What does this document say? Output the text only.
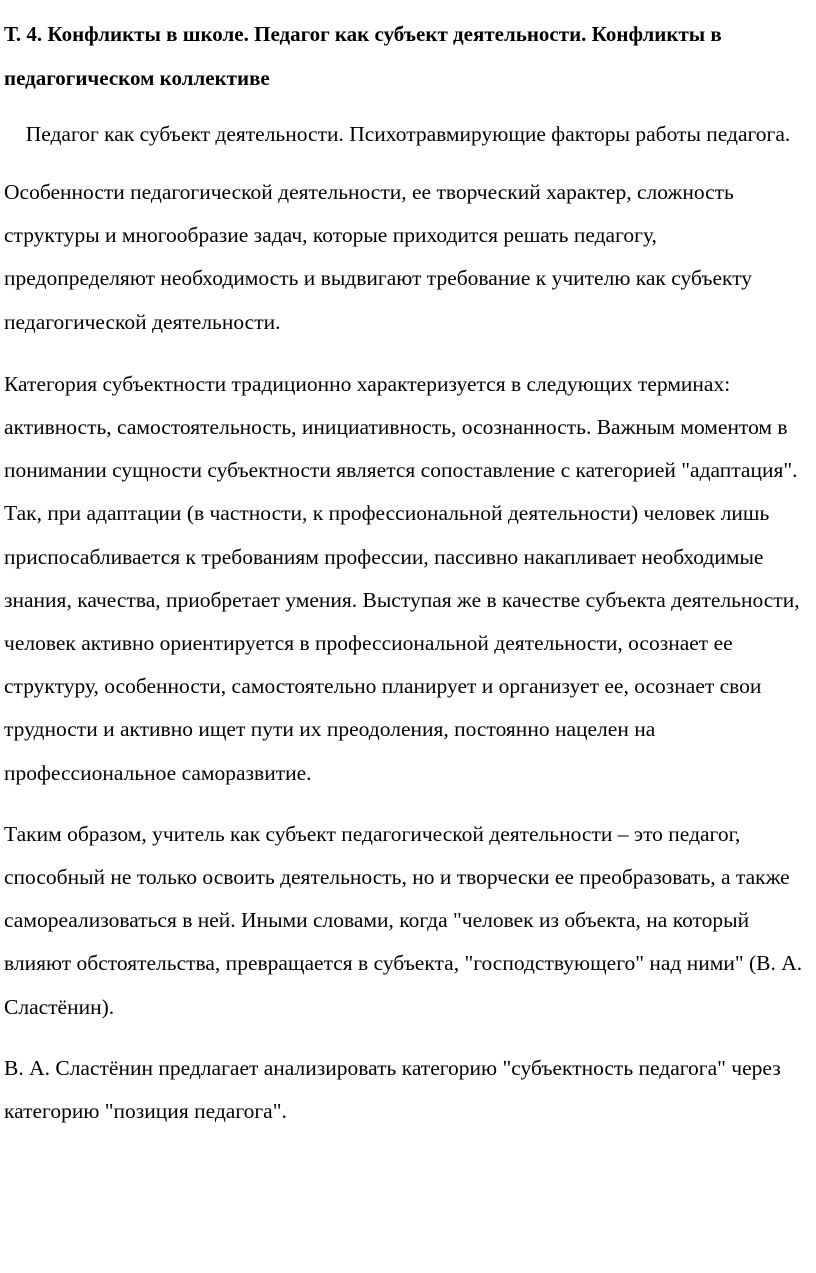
Т. 4. Конфликты в школе. Педагог как субъект деятельности. Конфликты в педагогическом коллективе

Педагог как субъект деятельности. Психотравмирующие факторы работы педагога.

Особенности педагогической деятельности, ее творческий характер, сложность структуры и многообразие задач, которые приходится решать педагогу, предопределяют необходимость и выдвигают требование к учителю как субъекту педагогической деятельности.

Категория субъектности традиционно характеризуется в следующих терминах: активность, самостоятельность, инициативность, осознанность. Важным моментом в понимании сущности субъектности является сопоставление с категорией "адаптация". Так, при адаптации (в частности, к профессиональной деятельности) человек лишь приспосабливается к требованиям профессии, пассивно накапливает необходимые знания, качества, приобретает умения. Выступая же в качестве субъекта деятельности, человек активно ориентируется в профессиональной деятельности, осознает ее структуру, особенности, самостоятельно планирует и организует ее, осознает свои трудности и активно ищет пути их преодоления, постоянно нацелен на профессиональное саморазвитие.

Таким образом, учитель как субъект педагогической деятельности – это педагог, способный не только освоить деятельность, но и творчески ее преобразовать, а также самореализоваться в ней. Иными словами, когда "человек из объекта, на который влияют обстоятельства, превращается в субъекта, "господствующего" над ними" (В. А. Сластёнин).

В. А. Сластёнин предлагает анализировать категорию "субъектность педагога" через категорию "позиция педагога".
